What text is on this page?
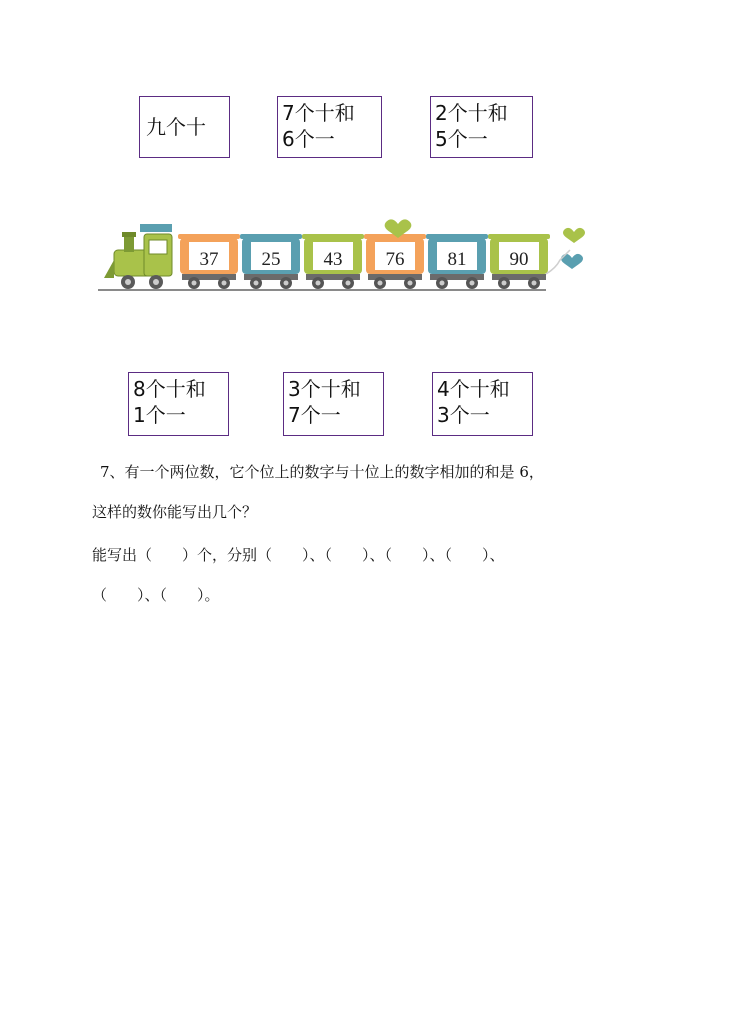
九个十
7个十和
6个一
2个十和
5个一
37 25 43 76 81 90
8个十和
1个一
3个十和
7个一
4个十和
3个一
7、有一个两位数，它个位上的数字与十位上的数字相加的和是 6，
这样的数你能写出几个？
能写出（　　）个，分别（　　）、（　　）、（　　）、（　　）、
（　　）、（　　）。
